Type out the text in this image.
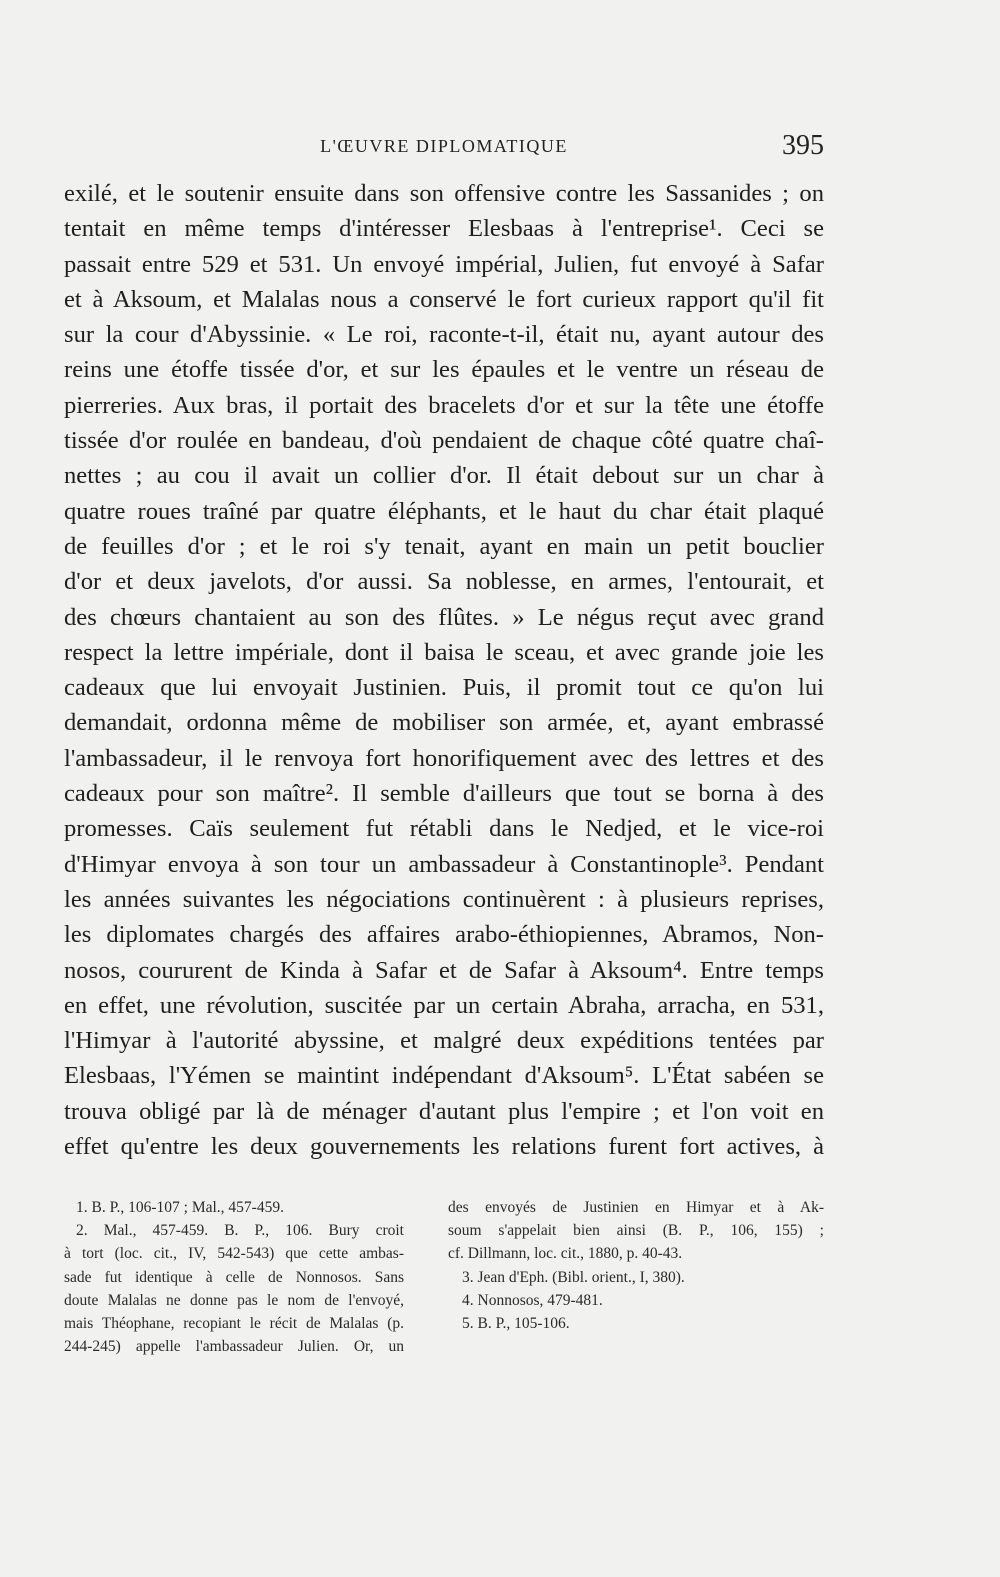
L'ŒUVRE DIPLOMATIQUE	395
exilé, et le soutenir ensuite dans son offensive contre les Sassanides ; on
tentait en même temps d'intéresser Elesbaas à l'entreprise¹. Ceci se
passait entre 529 et 531. Un envoyé impérial, Julien, fut envoyé à Safar
et à Aksoum, et Malalas nous a conservé le fort curieux rapport qu'il fit
sur la cour d'Abyssinie. « Le roi, raconte-t-il, était nu, ayant autour des
reins une étoffe tissée d'or, et sur les épaules et le ventre un réseau de
pierreries. Aux bras, il portait des bracelets d'or et sur la tête une étoffe
tissée d'or roulée en bandeau, d'où pendaient de chaque côté quatre chaî-
nettes ; au cou il avait un collier d'or. Il était debout sur un char à
quatre roues traîné par quatre éléphants, et le haut du char était plaqué
de feuilles d'or ; et le roi s'y tenait, ayant en main un petit bouclier
d'or et deux javelots, d'or aussi. Sa noblesse, en armes, l'entourait, et
des chœurs chantaient au son des flûtes. » Le négus reçut avec grand
respect la lettre impériale, dont il baisa le sceau, et avec grande joie les
cadeaux que lui envoyait Justinien. Puis, il promit tout ce qu'on lui
demandait, ordonna même de mobiliser son armée, et, ayant embrassé
l'ambassadeur, il le renvoya fort honorifiquement avec des lettres et des
cadeaux pour son maître². Il semble d'ailleurs que tout se borna à des
promesses. Caïs seulement fut rétabli dans le Nedjed, et le vice-roi
d'Himyar envoya à son tour un ambassadeur à Constantinople³. Pendant
les années suivantes les négociations continuèrent : à plusieurs reprises,
les diplomates chargés des affaires arabo-éthiopiennes, Abramos, Non-
nosos, coururent de Kinda à Safar et de Safar à Aksoum⁴. Entre temps
en effet, une révolution, suscitée par un certain Abraha, arracha, en 531,
l'Himyar à l'autorité abyssine, et malgré deux expéditions tentées par
Elesbaas, l'Yémen se maintint indépendant d'Aksoum⁵. L'État sabéen se
trouva obligé par là de ménager d'autant plus l'empire ; et l'on voit en
effet qu'entre les deux gouvernements les relations furent fort actives, à
1. B. P., 106-107 ; Mal., 457-459.
2. Mal., 457-459. B. P., 106. Bury croit
à tort (loc. cit., IV, 542-543) que cette ambas-
sade fut identique à celle de Nonnosos. Sans
doute Malalas ne donne pas le nom de l'envoyé,
mais Théophane, recopiant le récit de Malalas (p.
244-245) appelle l'ambassadeur Julien. Or, un
des envoyés de Justinien en Himyar et à Ak-
soum s'appelait bien ainsi (B. P., 106, 155) ;
cf. Dillmann, loc. cit., 1880, p. 40-43.
3. Jean d'Eph. (Bibl. orient., I, 380).
4. Nonnosos, 479-481.
5. B. P., 105-106.
